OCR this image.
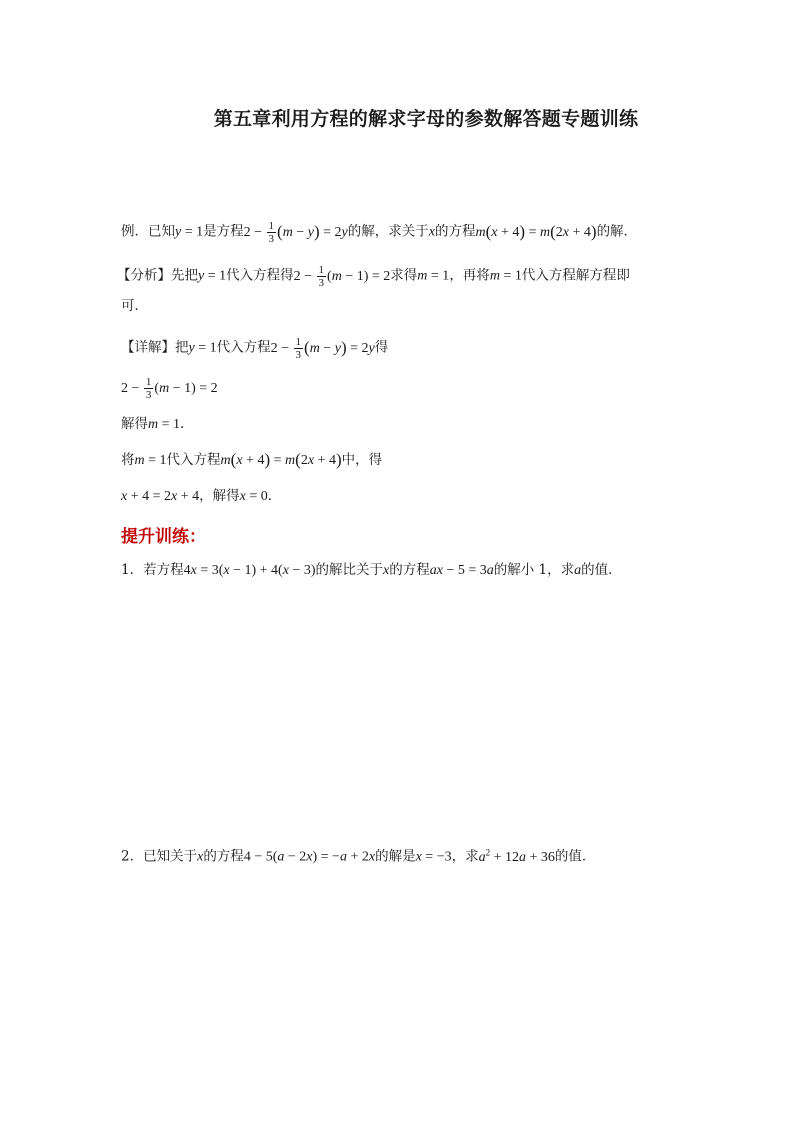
第五章利用方程的解求字母的参数解答题专题训练
例．已知y = 1是方程$2 - \frac{1}{3} (m - y) = 2y$的解，求关于x的方程m(x + 4) = m(2x + 4)的解．
【分析】先把y = 1代入方程得$2 - \frac{1}{3} (m - 1) = 2$求得m = 1，再将m = 1代入方程解方程即
可．
【详解】把y = 1代入方程$2 - \frac{1}{3} (m - y) = 2y$得
$2 - \frac{1}{3} (m - 1) = 2$
解得m = 1．
将m = 1代入方程m(x + 4) = m(2x + 4)中，得
x + 4 = 2x + 4，解得x = 0．
提升训练：
1．若方程4x = 3(x − 1) + 4(x − 3)的解比关于x的方程ax − 5 = 3a的解小 1，求a的值．
2．已知关于x的方程4 − 5(a − 2x) = −a + 2x的解是x = −3，求$a^2 + 12a + 36$的值．
